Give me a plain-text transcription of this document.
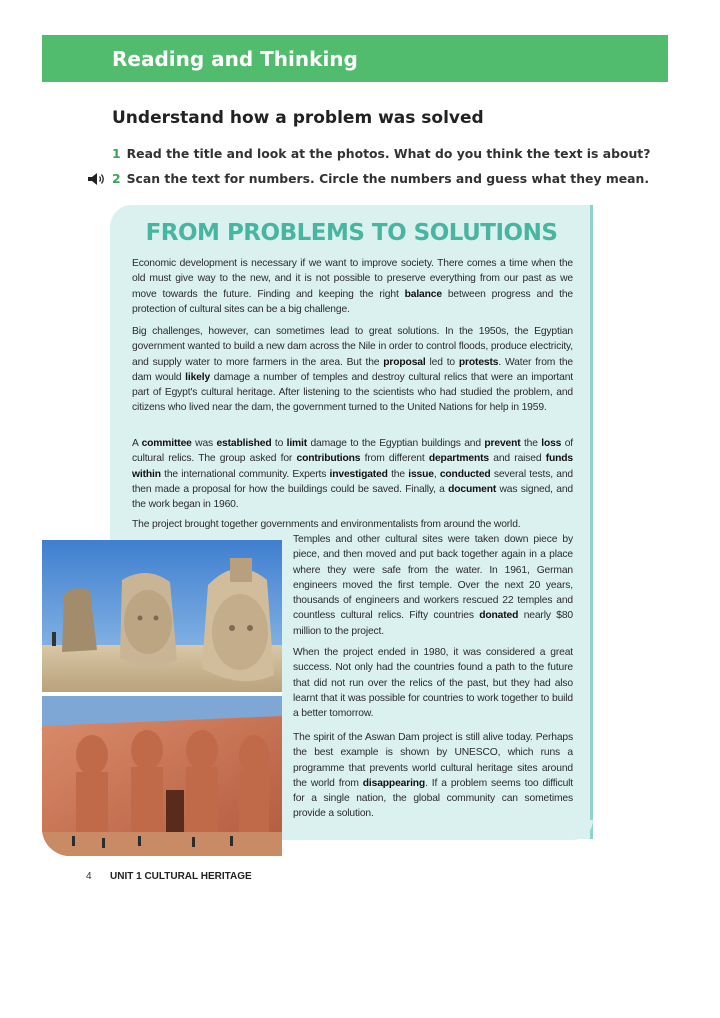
Reading and Thinking
Understand how a problem was solved
1 Read the title and look at the photos. What do you think the text is about?
2 Scan the text for numbers. Circle the numbers and guess what they mean.
FROM PROBLEMS TO SOLUTIONS

Economic development is necessary if we want to improve society. There comes a time when the old must give way to the new, and it is not possible to preserve everything from our past as we move towards the future. Finding and keeping the right balance between progress and the protection of cultural sites can be a big challenge.

Big challenges, however, can sometimes lead to great solutions. In the 1950s, the Egyptian government wanted to build a new dam across the Nile in order to control floods, produce electricity, and supply water to more farmers in the area. But the proposal led to protests. Water from the dam would likely damage a number of temples and destroy cultural relics that were an important part of Egypt's cultural heritage. After listening to the scientists who had studied the problem, and citizens who lived near the dam, the government turned to the United Nations for help in 1959.

A committee was established to limit damage to the Egyptian buildings and prevent the loss of cultural relics. The group asked for contributions from different departments and raised funds within the international community. Experts investigated the issue, conducted several tests, and then made a proposal for how the buildings could be saved. Finally, a document was signed, and the work began in 1960.

The project brought together governments and environmentalists from around the world.

Temples and other cultural sites were taken down piece by piece, and then moved and put back together again in a place where they were safe from the water. In 1961, German engineers moved the first temple. Over the next 20 years, thousands of engineers and workers rescued 22 temples and countless cultural relics. Fifty countries donated nearly $80 million to the project.

When the project ended in 1980, it was considered a great success. Not only had the countries found a path to the future that did not run over the relics of the past, but they had also learnt that it was possible for countries to work together to build a better tomorrow.

The spirit of the Aswan Dam project is still alive today. Perhaps the best example is shown by UNESCO, which runs a programme that prevents world cultural heritage sites around the world from disappearing. If a problem seems too difficult for a single nation, the global community can sometimes provide a solution.

4 UNIT 1 CULTURAL HERITAGE
